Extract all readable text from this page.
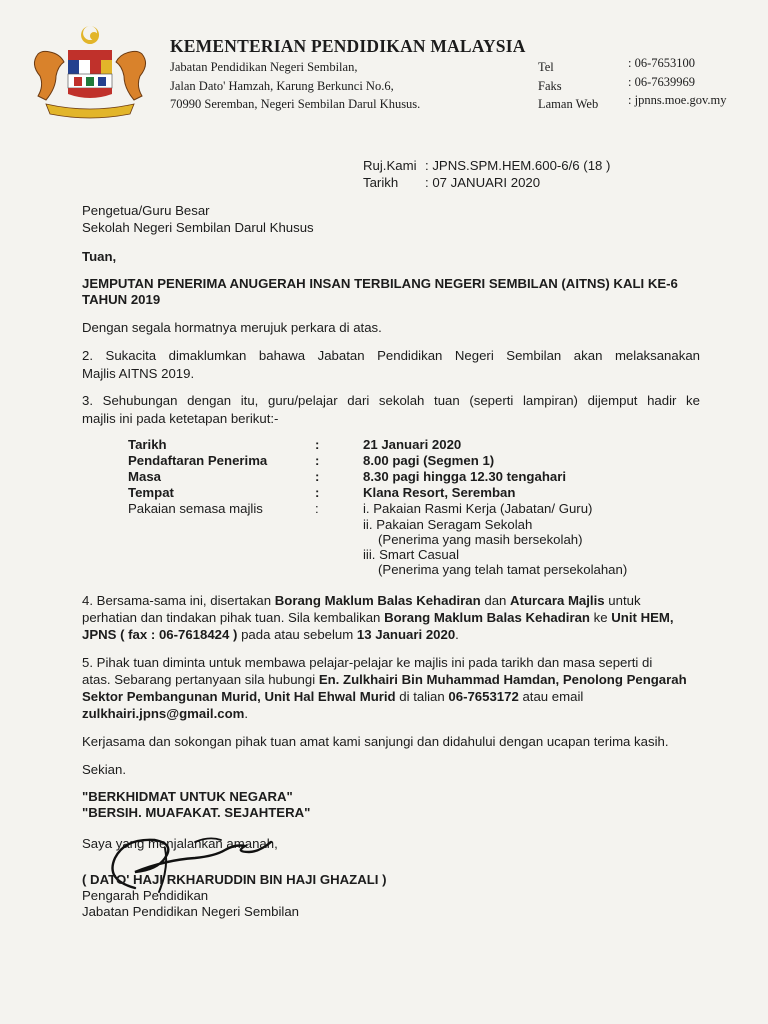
KEMENTERIAN PENDIDIKAN MALAYSIA
Jabatan Pendidikan Negeri Sembilan,
Jalan Dato' Hamzah, Karung Berkunci No.6,
70990 Seremban, Negeri Sembilan Darul Khusus.
Tel	: 06-7653100
Faks	: 06-7639969
Laman Web : jpnns.moe.gov.my
Ruj.Kami : JPNS.SPM.HEM.600-6/6 (18 )
Tarikh : 07 JANUARI 2020
Pengetua/Guru Besar
Sekolah Negeri Sembilan Darul Khusus
Tuan,
JEMPUTAN PENERIMA ANUGERAH INSAN TERBILANG NEGERI SEMBILAN (AITNS) KALI KE-6
TAHUN 2019
Dengan segala hormatnya merujuk perkara di atas.
2. Sukacita dimaklumkan bahawa Jabatan Pendidikan Negeri Sembilan akan melaksanakan
Majlis AITNS 2019.
3. Sehubungan dengan itu, guru/pelajar dari sekolah tuan (seperti lampiran) dijemput hadir ke
majlis ini pada ketetapan berikut:-
Tarikh	:	21 Januari 2020
Pendaftaran Penerima	:	8.00 pagi (Segmen 1)
Masa	:	8.30 pagi hingga 12.30 tengahari
Tempat	:	Klana Resort, Seremban
Pakaian semasa majlis	:	i. Pakaian Rasmi Kerja (Jabatan/ Guru)
ii. Pakaian Seragam Sekolah
(Penerima yang masih bersekolah)
iii. Smart Casual
(Penerima yang telah tamat persekolahan)
4. Bersama-sama ini, disertakan Borang Maklum Balas Kehadiran dan Aturcara Majlis untuk
perhatian dan tindakan pihak tuan. Sila kembalikan Borang Maklum Balas Kehadiran ke Unit HEM,
JPNS ( fax : 06-7618424 ) pada atau sebelum 13 Januari 2020.
5. Pihak tuan diminta untuk membawa pelajar-pelajar ke majlis ini pada tarikh dan masa seperti di
atas. Sebarang pertanyaan sila hubungi En. Zulkhairi Bin Muhammad Hamdan, Penolong Pengarah
Sektor Pembangunan Murid, Unit Hal Ehwal Murid di talian 06-7653172 atau email
zulkhairi.jpns@gmail.com.
Kerjasama dan sokongan pihak tuan amat kami sanjungi dan didahului dengan ucapan terima kasih.
Sekian.
"BERKHIDMAT UNTUK NEGARA"
"BERSIH. MUAFAKAT. SEJAHTERA"
Saya yang menjalankan amanah,
( DATO' HAJI RKHARUDDIN BIN HAJI GHAZALI )
Pengarah Pendidikan
Jabatan Pendidikan Negeri Sembilan
